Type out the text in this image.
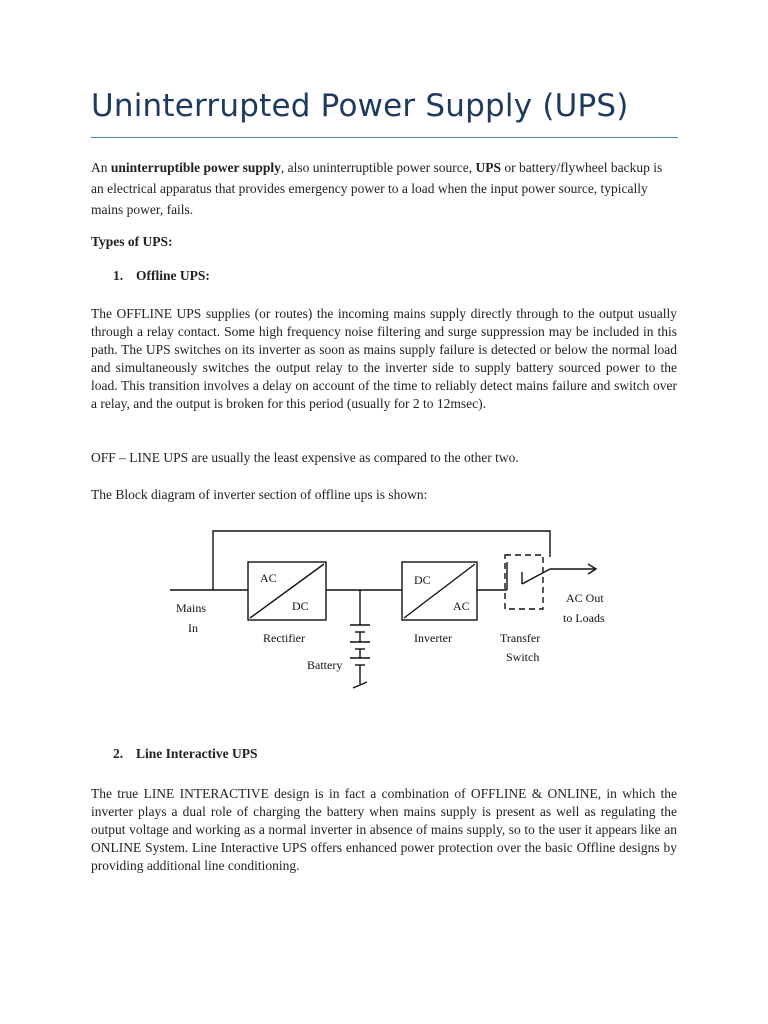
Uninterrupted Power Supply (UPS)
An uninterruptible power supply, also uninterruptible power source, UPS or battery/flywheel backup is an electrical apparatus that provides emergency power to a load when the input power source, typically mains power, fails.
Types of UPS:
1. Offline UPS:
The OFFLINE UPS supplies (or routes) the incoming mains supply directly through to the output usually through a relay contact. Some high frequency noise filtering and surge suppression may be included in this path. The UPS switches on its inverter as soon as mains supply failure is detected or below the normal load and simultaneously switches the output relay to the inverter side to supply battery sourced power to the load. This transition involves a delay on account of the time to reliably detect mains failure and switch over a relay, and the output is broken for this period (usually for 2 to 12msec).
OFF – LINE UPS are usually the least expensive as compared to the other two.
The Block diagram of inverter section of offline ups is shown:
Mains
In
AC
DC
Rectifier
Battery
DC
AC
Inverter	Transfer
Switch
AC Out
to Loads
2. Line Interactive UPS
The true LINE INTERACTIVE design is in fact a combination of OFFLINE & ONLINE, in which the inverter plays a dual role of charging the battery when mains supply is present as well as regulating the output voltage and working as a normal inverter in absence of mains supply, so to the user it appears like an ONLINE System. Line Interactive UPS offers enhanced power protection over the basic Offline designs by providing additional line conditioning.
